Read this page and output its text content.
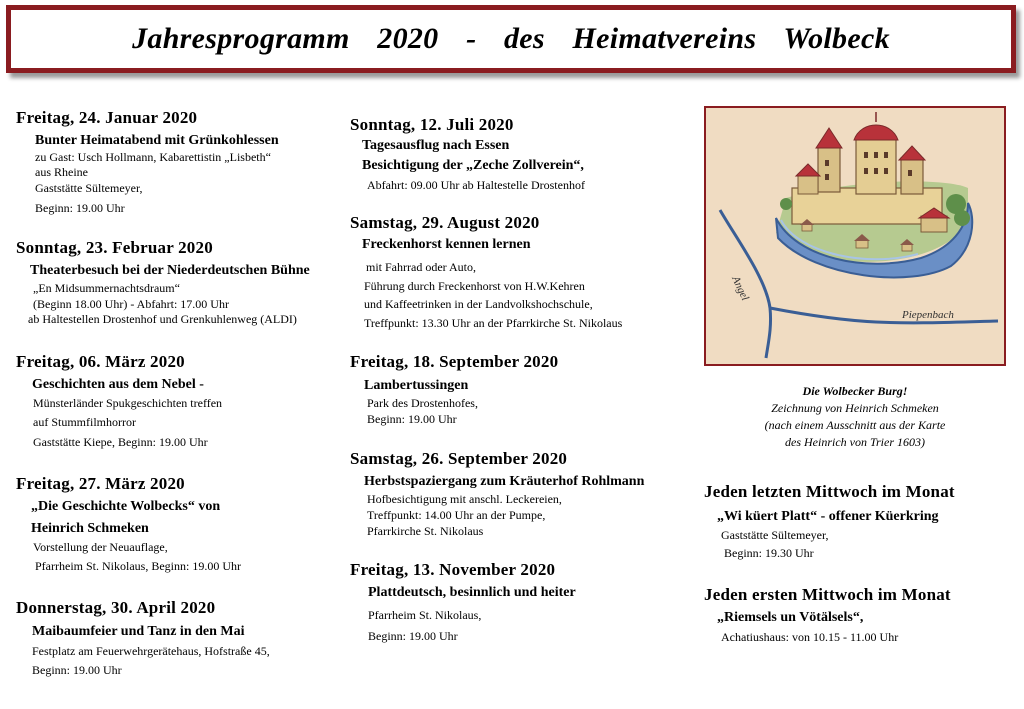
Jahresprogramm  2020  -  des  Heimatvereins  Wolbeck
Freitag, 24. Januar 2020
Bunter Heimatabend mit Grünkohlessen
zu Gast: Usch Hollmann, Kabarettistin „Lisbeth“
aus Rheine
Gaststätte Sültemeyer,
Beginn: 19.00 Uhr
Sonntag, 23. Februar 2020
Theaterbesuch bei der Niederdeutschen Bühne
„En Midsummernachtsdraum“
(Beginn 18.00 Uhr) - Abfahrt: 17.00 Uhr
ab Haltestellen Drostenhof und Grenkuhlenweg (ALDI)
Freitag, 06. März 2020
Geschichten aus dem Nebel -
Münsterländer Spukgeschichten treffen
auf Stummfilmhorror
Gaststätte Kiepe, Beginn: 19.00 Uhr
Freitag, 27. März 2020
„Die Geschichte Wolbecks“ von
Heinrich Schmeken
Vorstellung der Neuauflage,
Pfarrheim St. Nikolaus, Beginn: 19.00 Uhr
Donnerstag, 30. April 2020
Maibaumfeier und Tanz in den Mai
Festplatz am Feuerwehrgerätehaus, Hofstraße 45,
Beginn: 19.00 Uhr
Sonntag, 12. Juli 2020
Tagesausflug nach Essen
Besichtigung der „Zeche Zollverein“,
Abfahrt: 09.00 Uhr ab Haltestelle Drostenhof
Samstag, 29. August 2020
Freckenhorst kennen lernen
mit Fahrrad oder Auto,
Führung durch Freckenhorst von H.W.Kehren
und Kaffeetrinken in der Landvolkshochschule,
Treffpunkt: 13.30 Uhr an der Pfarrkirche St. Nikolaus
Freitag, 18. September 2020
Lambertussingen
Park des Drostenhofes,
Beginn: 19.00 Uhr
Samstag, 26. September 2020
Herbstspaziergang zum Kräuterhof Rohlmann
Hofbesichtigung mit anschl. Leckereien,
Treffpunkt: 14.00 Uhr an der Pumpe,
Pfarrkirche St. Nikolaus
Freitag, 13. November 2020
Plattdeutsch, besinnlich und heiter
Pfarrheim St. Nikolaus,
Beginn: 19.00 Uhr
Angel
Piepenbach
Die Wolbecker Burg!
Zeichnung von Heinrich Schmeken
(nach einem Ausschnitt aus der Karte
des Heinrich von Trier 1603)
Jeden letzten Mittwoch im Monat
„Wi küert Platt“ - offener Küerkring
Gaststätte Sültemeyer,
Beginn: 19.30 Uhr
Jeden ersten Mittwoch im Monat
„Riemsels un Vötälsels“,
Achatiushaus: von 10.15 - 11.00 Uhr
